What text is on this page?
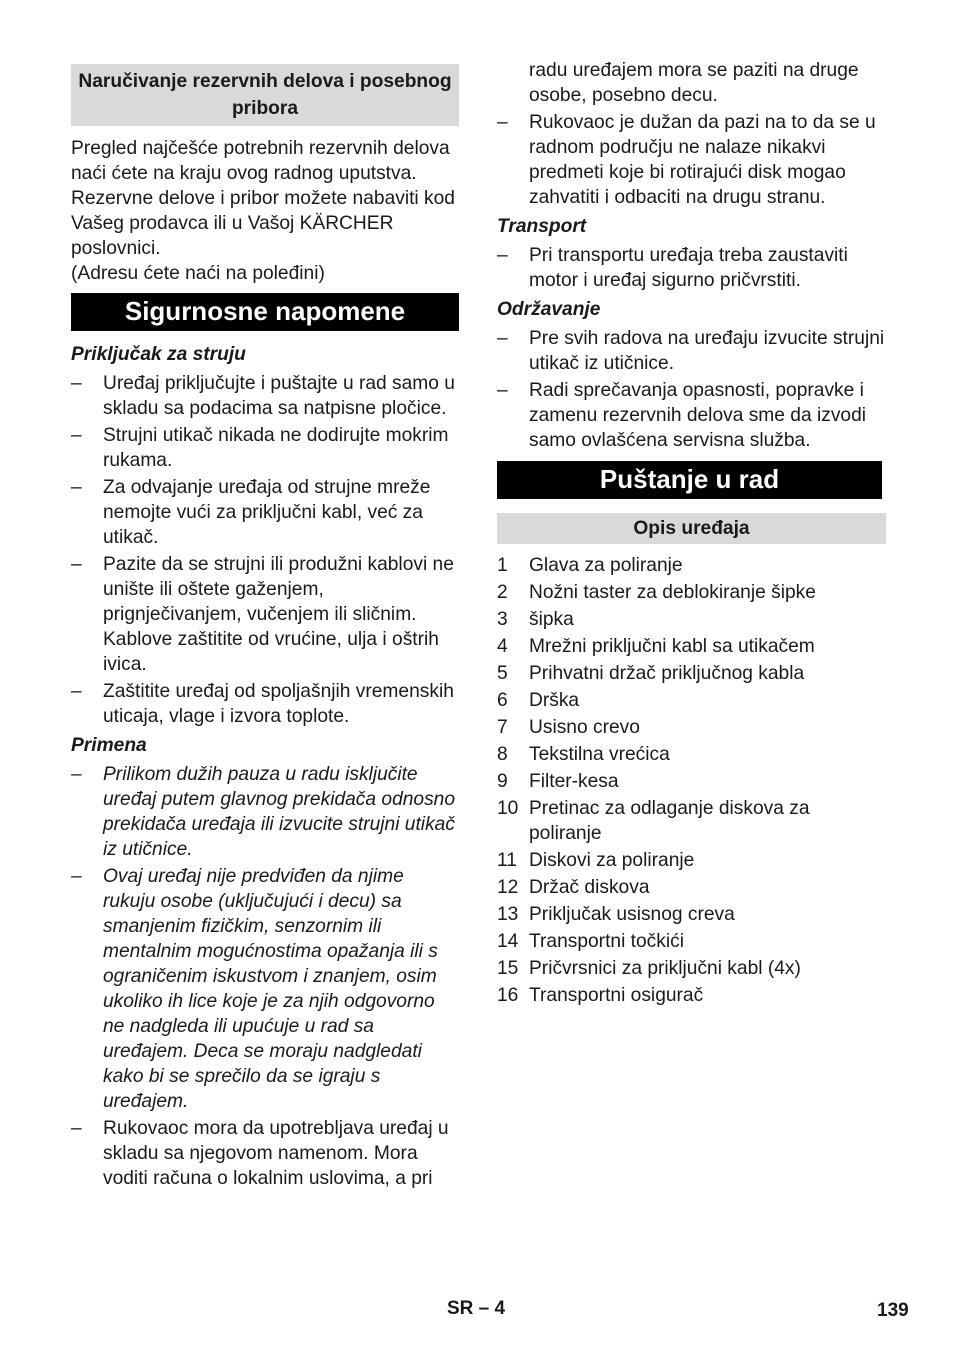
Naručivanje rezervnih delova i posebnog pribora

Pregled najčešće potrebnih rezervnih delova naći ćete na kraju ovog radnog uputstva.

Rezervne delove i pribor možete nabaviti kod Vašeg prodavca ili u Vašoj KÄRCHER poslovnici.

(Adresu ćete naći na poleđini)

Sigurnosne napomene

Priključak za struju

– Uređaj priključujte i puštajte u rad samo u skladu sa podacima sa natpisne pločice.
– Strujni utikač nikada ne dodirujte mokrim rukama.
– Za odvajanje uređaja od strujne mreže nemojte vući za priključni kabl, već za utikač.
– Pazite da se strujni ili produžni kablovi ne unište ili oštete gaženjem, prignječivanjem, vučenjem ili sličnim. Kablove zaštitite od vrućine, ulja i oštrih ivica.
– Zaštitite uređaj od spoljašnjih vremenskih uticaja, vlage i izvora toplote.

Primena

– Prilikom dužih pauza u radu isključite uređaj putem glavnog prekidača odnosno prekidača uređaja ili izvucite strujni utikač iz utičnice.
– Ovaj uređaj nije predviđen da njime rukuju osobe (uključujući i decu) sa smanjenim fizičkim, senzornim ili mentalnim mogućnostima opažanja ili s ograničenim iskustvom i znanjem, osim ukoliko ih lice koje je za njih odgovorno ne nadgleda ili upućuje u rad sa uređajem. Deca se moraju nadgledati kako bi se sprečilo da se igraju s uređajem.
– Rukovaoc mora da upotrebljava uređaj u skladu sa njegovom namenom. Mora voditi računa o lokalnim uslovima, a pri

radu uređajem mora se paziti na druge osobe, posebno decu.

– Rukovaoc je dužan da pazi na to da se u radnom području ne nalaze nikakvi predmeti koje bi rotirajući disk mogao zahvatiti i odbaciti na drugu stranu.

Transport

– Pri transportu uređaja treba zaustaviti motor i uređaj sigurno pričvrstiti.

Održavanje

– Pre svih radova na uređaju izvucite strujni utikač iz utičnice.
– Radi sprečavanja opasnosti, popravke i zamenu rezervnih delova sme da izvodi samo ovlašćena servisna služba.
Puštanje u rad
Opis uređaja
1 Glava za poliranje
2 Nožni taster za deblokiranje šipke
3 šipka
4 Mrežni priključni kabl sa utikačem
5 Prihvatni držač priključnog kabla
6 Drška
7 Usisno crevo
8 Tekstilna vrećica
9 Filter-kesa
10 Pretinac za odlaganje diskova za poliranje
11 Diskovi za poliranje
12 Držač diskova
13 Priključak usisnog creva
14 Transportni točkići
15 Pričvrsnici za priključni kabl (4x)
16 Transportni osigurač
SR – 4	139
